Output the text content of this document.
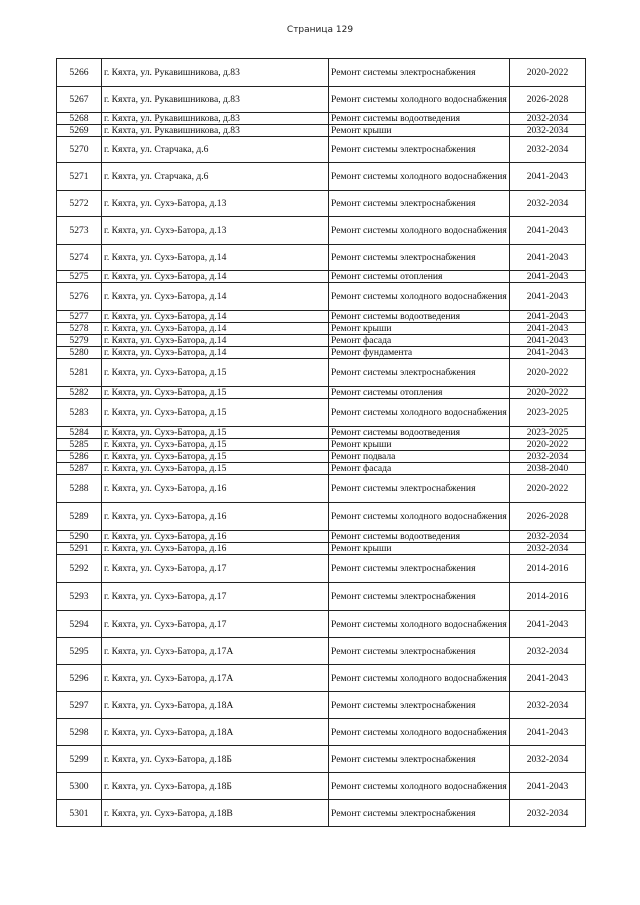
Страница 129
5266	г. Кяхта, ул. Рукавишникова, д.83	Ремонт системы электроснабжения	2020-2022
5267	г. Кяхта, ул. Рукавишникова, д.83	Ремонт системы холодного водоснабжения	2026-2028
5268	г. Кяхта, ул. Рукавишникова, д.83	Ремонт системы водоотведения	2032-2034
5269	г. Кяхта, ул. Рукавишникова, д.83	Ремонт крыши	2032-2034
5270	г. Кяхта, ул. Старчака, д.6	Ремонт системы электроснабжения	2032-2034
5271	г. Кяхта, ул. Старчака, д.6	Ремонт системы холодного водоснабжения	2041-2043
5272	г. Кяхта, ул. Сухэ-Батора, д.13	Ремонт системы электроснабжения	2032-2034
5273	г. Кяхта, ул. Сухэ-Батора, д.13	Ремонт системы холодного водоснабжения	2041-2043
5274	г. Кяхта, ул. Сухэ-Батора, д.14	Ремонт системы электроснабжения	2041-2043
5275	г. Кяхта, ул. Сухэ-Батора, д.14	Ремонт системы отопления	2041-2043
5276	г. Кяхта, ул. Сухэ-Батора, д.14	Ремонт системы холодного водоснабжения	2041-2043
5277	г. Кяхта, ул. Сухэ-Батора, д.14	Ремонт системы водоотведения	2041-2043
5278	г. Кяхта, ул. Сухэ-Батора, д.14	Ремонт крыши	2041-2043
5279	г. Кяхта, ул. Сухэ-Батора, д.14	Ремонт фасада	2041-2043
5280	г. Кяхта, ул. Сухэ-Батора, д.14	Ремонт фундамента	2041-2043
5281	г. Кяхта, ул. Сухэ-Батора, д.15	Ремонт системы электроснабжения	2020-2022
5282	г. Кяхта, ул. Сухэ-Батора, д.15	Ремонт системы отопления	2020-2022
5283	г. Кяхта, ул. Сухэ-Батора, д.15	Ремонт системы холодного водоснабжения	2023-2025
5284	г. Кяхта, ул. Сухэ-Батора, д.15	Ремонт системы водоотведения	2023-2025
5285	г. Кяхта, ул. Сухэ-Батора, д.15	Ремонт крыши	2020-2022
5286	г. Кяхта, ул. Сухэ-Батора, д.15	Ремонт подвала	2032-2034
5287	г. Кяхта, ул. Сухэ-Батора, д.15	Ремонт фасада	2038-2040
5288	г. Кяхта, ул. Сухэ-Батора, д.16	Ремонт системы электроснабжения	2020-2022
5289	г. Кяхта, ул. Сухэ-Батора, д.16	Ремонт системы холодного водоснабжения	2026-2028
5290	г. Кяхта, ул. Сухэ-Батора, д.16	Ремонт системы водоотведения	2032-2034
5291	г. Кяхта, ул. Сухэ-Батора, д.16	Ремонт крыши	2032-2034
5292	г. Кяхта, ул. Сухэ-Батора, д.17	Ремонт системы электроснабжения	2014-2016
5293	г. Кяхта, ул. Сухэ-Батора, д.17	Ремонт системы электроснабжения	2014-2016
5294	г. Кяхта, ул. Сухэ-Батора, д.17	Ремонт системы холодного водоснабжения	2041-2043
5295	г. Кяхта, ул. Сухэ-Батора, д.17А	Ремонт системы электроснабжения	2032-2034
5296	г. Кяхта, ул. Сухэ-Батора, д.17А	Ремонт системы холодного водоснабжения	2041-2043
5297	г. Кяхта, ул. Сухэ-Батора, д.18А	Ремонт системы электроснабжения	2032-2034
5298	г. Кяхта, ул. Сухэ-Батора, д.18А	Ремонт системы холодного водоснабжения	2041-2043
5299	г. Кяхта, ул. Сухэ-Батора, д.18Б	Ремонт системы электроснабжения	2032-2034
5300	г. Кяхта, ул. Сухэ-Батора, д.18Б	Ремонт системы холодного водоснабжения	2041-2043
5301	г. Кяхта, ул. Сухэ-Батора, д.18В	Ремонт системы электроснабжения	2032-2034
